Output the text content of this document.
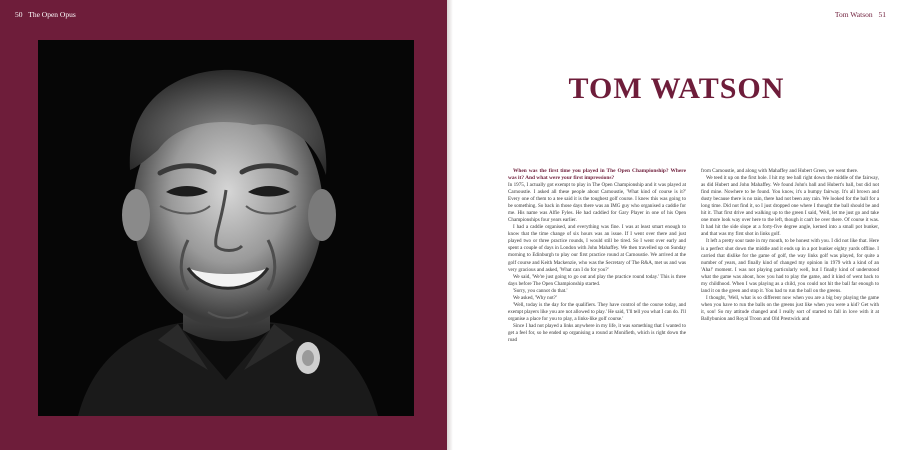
50 The Open Opus	Tom Watson 51
TOM WATSON

When was the first time you played in The Open Championship? Where was it? And what were your first impressions?

In 1975, I actually got exempt to play in The Open Championship and it was played at Carnoustie. I asked all these people about Carnoustie, 'What kind of course is it?' Every one of them to a tee said it is the toughest golf course. I knew this was going to be something. So back in those days there was an IMG guy who organised a caddie for me. His name was Alfie Fyles. He had caddied for Gary Player in one of his Open Championships four years earlier.

I had a caddie organised, and everything was fine. I was at least smart enough to know that the time change of six hours was an issue. If I went over there and just played two or three practice rounds, I would still be tired. So I went over early and spent a couple of days in London with John Mahaffey. We then travelled up on Sunday morning to Edinburgh to play our first practice round at Carnoustie. We arrived at the golf course and Keith Mackenzie, who was the Secretary of The R&A, met us and was very gracious and asked, 'What can I do for you?'

We said, 'We're just going to go out and play the practice round today.' This is three days before The Open Championship started.

'Sorry, you cannot do that.'

We asked, 'Why not?'

'Well, today is the day for the qualifiers. They have control of the course today, and exempt players like you are not allowed to play.' He said, 'I'll tell you what I can do. I'll organise a place for you to play, a links-like golf course.'

Since I had not played a links anywhere in my life, it was something that I wanted to get a feel for, so he ended up organising a round at Monifieth, which is right down the road

from Carnoustie, and along with Mahaffey and Hubert Green, we went there.

We teed it up on the first hole. I hit my tee ball right down the middle of the fairway, as did Hubert and John Mahaffey. We found John's ball and Hubert's ball, but did not find mine. Nowhere to be found. You know, it's a bumpy fairway. It's all brown and dusty because there is no rain, there had not been any rain. We looked for the ball for a long time. Did not find it, so I just dropped one where I thought the ball should be and hit it. That first drive and walking up to the green I said, 'Well, let me just go and take one more look way over here to the left, though it can't be over there. Of course it was. It had hit the side slope at a forty-five degree angle, kerned into a small pot bunker, and that was my first shot in links golf.

It left a pretty sour taste in my mouth, to be honest with you. I did not like that. Here is a perfect shot down the middle and it ends up in a pot bunker eighty yards offline. I carried that dislike for the game of golf, the way links golf was played, for quite a number of years, and finally kind of changed my opinion in 1979 with a kind of an 'Aha!' moment. I was not playing particularly well, but I finally kind of understood what the game was about, how you had to play the game, and it kind of went back to my childhood. When I was playing as a child, you could not hit the ball far enough to land it on the green and stop it. You had to run the ball on the greens.

I thought, 'Well, what is so different now when you are a big boy playing the game when you have to run the balls on the greens just like when you were a kid? Get with it, son! So my attitude changed and I really sort of started to fall in love with it at Ballybunion and Royal Troon and Old Prestwick and
